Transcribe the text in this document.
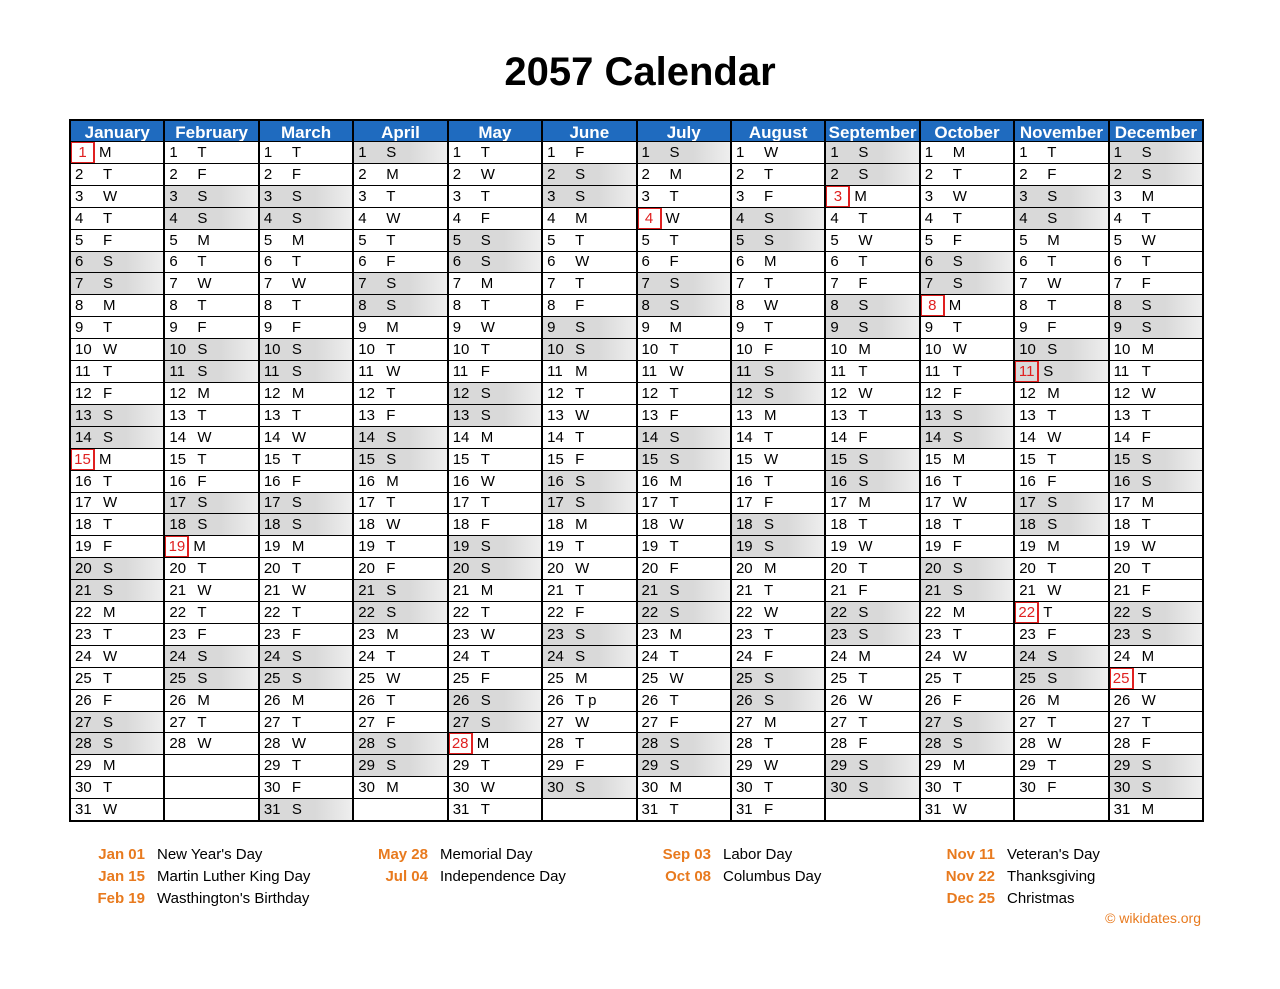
2057 Calendar
January
1 M
2	T
3	W
4	T
5	F
6	S
7	S
8	M
9	T
10 W
11 T
12 F
13 S
14 S
15 M
16 T
17 W
18 T
19 F
20 S
21 S
22 M
23 T
24 W
25 T
26 F
27 S
28 S
29 M
30 T
31 W
February
1	T
2	F
3	S
4	S
5	M
6	T
7	W
8	T
9	F
10 S
11 S
12 M
13 T
14 W
15 T
16 F
17 S
18 S
19 M
20 T
21 W
22 T
23 F
24 S
25 S
26 M
27 T
28 W
March
1	T
2	F
3	S
4	S
5	M
6	T
7	W
8	T
9	F
10 S
11 S
12 M
13 T
14 W
15 T
16 F
17 S
18 S
19 M
20 T
21 W
22 T
23 F
24 S
25 S
26 M
27 T
28 W
29 T
30 F
31 S
April
1	S
2	M
3	T
4	W
5	T
6	F
7	S
8	S
9	M
10 T
11 W
12 T
13 F
14 S
15 S
16 M
17 T
18 W
19 T
20 F
21 S
22 S
23 M
24 T
25 W
26 T
27 F
28 S
29 S
30 M
May
1	T
2	W
3	T
4	F
5	S
6	S
7	M
8	T
9	W
10 T
11 F
12 S
13 S
14 M
15 T
16 W
17 T
18 F
19 S
20 S
21 M
22 T
23 W
24 T
25 F
26 S
27 S
28 M
29 T
30 W
31 T
June
1	F
2	S
3	S
4	M
5	T
6	W
7	T
8	F
9	S
10 S
11 M
12 T
13 W
14 T
15 F
16 S
17 S
18 M
19 T
20 W
21 T
22 F
23 S
24 S
25 M
26 T p
27 W
28 T
29 F
30 S
July
1	S
2	M
3	T
4 W
5	T
6	F
7	S
8	S
9	M
10 T
11 W
12 T
13 F
14 S
15 S
16 M
17 T
18 W
19 T
20 F
21 S
22 S
23 M
24 T
25 W
26 T
27 F
28 S
29 S
30 M
31 T
August
1	W
2	T
3	F
4	S
5	S
6	M
7	T
8	W
9	T
10 F
11 S
12 S
13 M
14 T
15 W
16 T
17 F
18 S
19 S
20 M
21 T
22 W
23 T
24 F
25 S
26 S
27 M
28 T
29 W
30 T
31 F
September
1	S
2	S
3 M
4	T
5	W
6	T
7	F
8	S
9	S
10 M
11 T
12 W
13 T
14 F
15 S
16 S
17 M
18 T
19 W
20 T
21 F
22 S
23 S
24 M
25 T
26 W
27 T
28 F
29 S
30 S
October
1	M
2	T
3	W
4	T
5	F
6	S
7	S
8 M
9	T
10 W
11 T
12 F
13 S
14 S
15 M
16 T
17 W
18 T
19 F
20 S
21 S
22 M
23 T
24 W
25 T
26 F
27 S
28 S
29 M
30 T
31 W
November
1	T
2	F
3	S
4	S
5	M
6	T
7	W
8	T
9	F
10 S
11 S
12 M
13 T
14 W
15 T
16 F
17 S
18 S
19 M
20 T
21 W
22 T
23 F
24 S
25 S
26 M
27 T
28 W
29 T
30 F
December
1	S
2	S
3	M
4	T
5	W
6	T
7	F
8	S
9	S
10 M
11 T
12 W
13 T
14 F
15 S
16 S
17 M
18 T
19 W
20 T
21 F
22 S
23 S
24 M
25 T
26 W
27 T
28 F
29 S
30 S
31 M
Jan 01 New Year's Day
Jan 15 Martin Luther King Day
Feb 19 Wasthington's Birthday
May 28 Memorial Day
Jul 04 Independence Day
Sep 03 Labor Day
Oct 08 Columbus Day
Nov 11 Veteran's Day
Nov 22 Thanksgiving
Dec 25 Christmas
© wikidates.org
